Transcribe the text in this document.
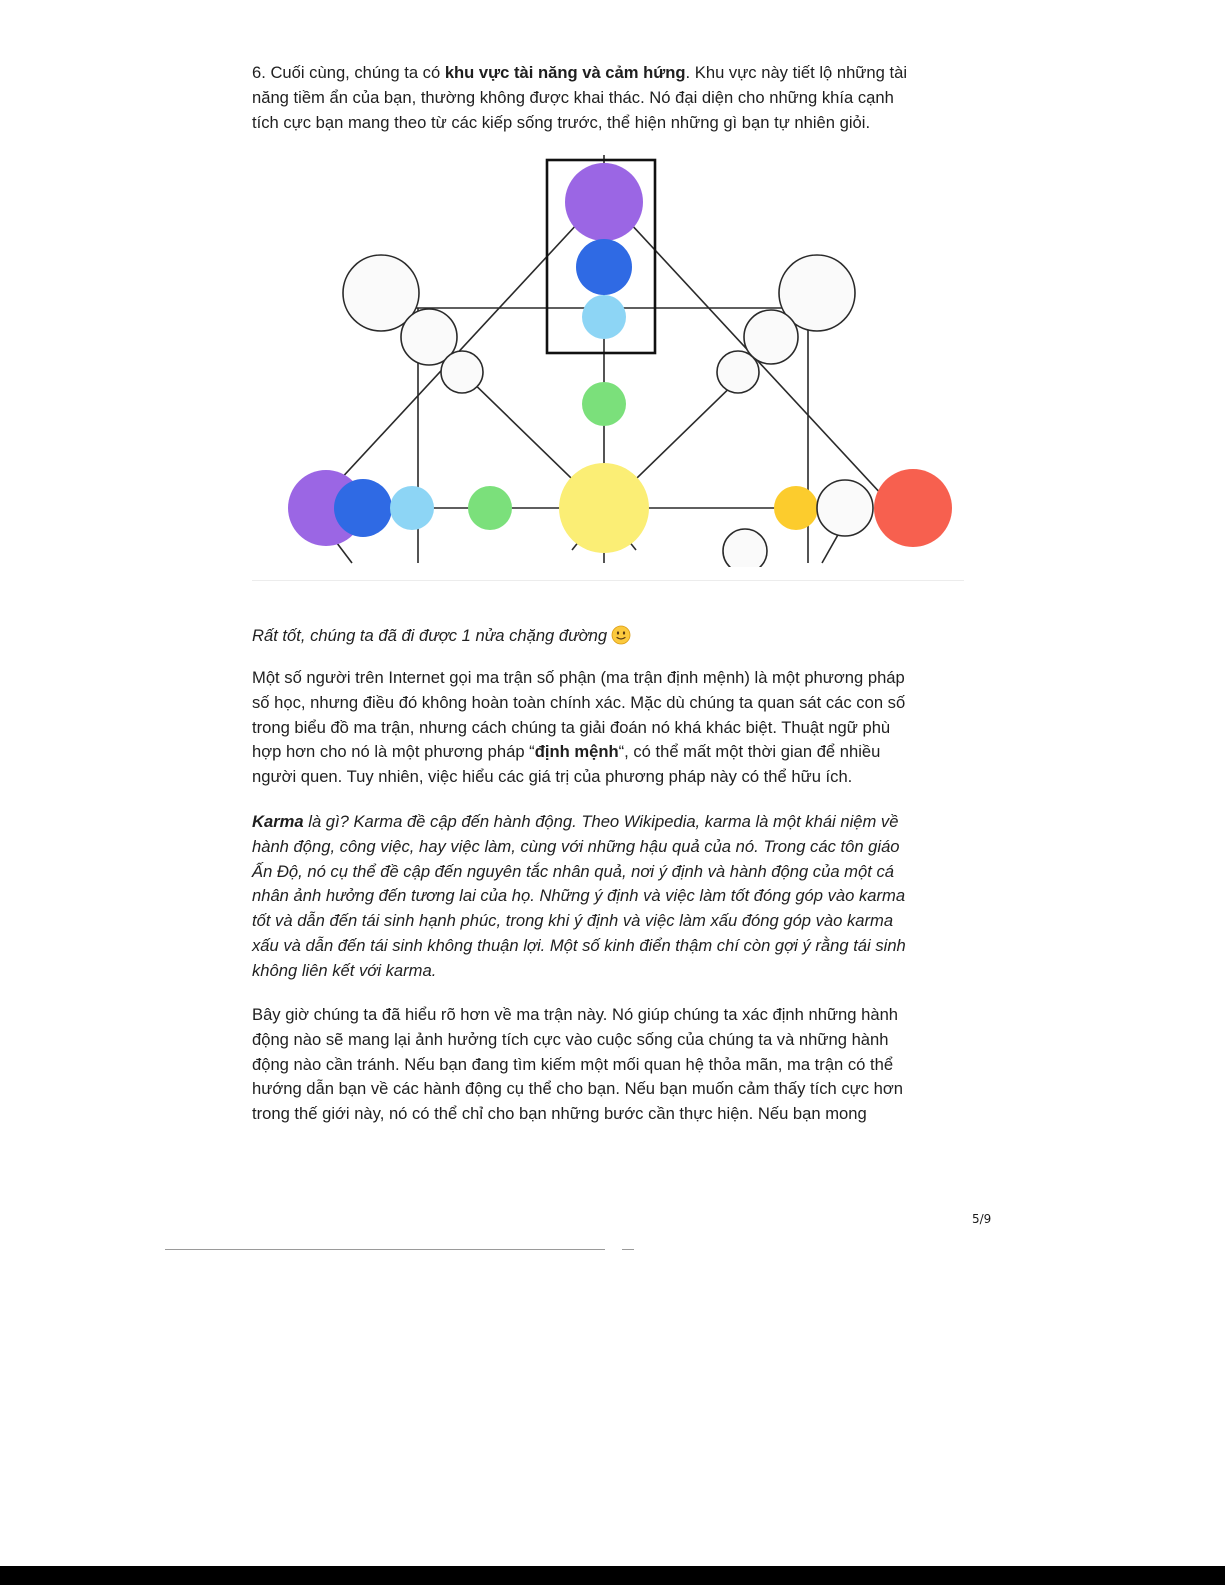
6. Cuối cùng, chúng ta có khu vực tài năng và cảm hứng. Khu vực này tiết lộ những tài
năng tiềm ẩn của bạn, thường không được khai thác. Nó đại diện cho những khía cạnh
tích cực bạn mang theo từ các kiếp sống trước, thể hiện những gì bạn tự nhiên giỏi.

Rất tốt, chúng ta đã đi được 1 nửa chặng đường

Một số người trên Internet gọi ma trận số phận (ma trận định mệnh) là một phương pháp
số học, nhưng điều đó không hoàn toàn chính xác. Mặc dù chúng ta quan sát các con số
trong biểu đồ ma trận, nhưng cách chúng ta giải đoán nó khá khác biệt. Thuật ngữ phù
hợp hơn cho nó là một phương pháp “định mệnh“, có thể mất một thời gian để nhiều
người quen. Tuy nhiên, việc hiểu các giá trị của phương pháp này có thể hữu ích.

Karma là gì? Karma đề cập đến hành động. Theo Wikipedia, karma là một khái niệm về
hành động, công việc, hay việc làm, cùng với những hậu quả của nó. Trong các tôn giáo
Ấn Độ, nó cụ thể đề cập đến nguyên tắc nhân quả, nơi ý định và hành động của một cá
nhân ảnh hưởng đến tương lai của họ. Những ý định và việc làm tốt đóng góp vào karma
tốt và dẫn đến tái sinh hạnh phúc, trong khi ý định và việc làm xấu đóng góp vào karma
xấu và dẫn đến tái sinh không thuận lợi. Một số kinh điển thậm chí còn gợi ý rằng tái sinh
không liên kết với karma.

Bây giờ chúng ta đã hiểu rõ hơn về ma trận này. Nó giúp chúng ta xác định những hành
động nào sẽ mang lại ảnh hưởng tích cực vào cuộc sống của chúng ta và những hành
động nào cần tránh. Nếu bạn đang tìm kiếm một mối quan hệ thỏa mãn, ma trận có thể
hướng dẫn bạn về các hành động cụ thể cho bạn. Nếu bạn muốn cảm thấy tích cực hơn
trong thế giới này, nó có thể chỉ cho bạn những bước cần thực hiện. Nếu bạn mong

5/9
